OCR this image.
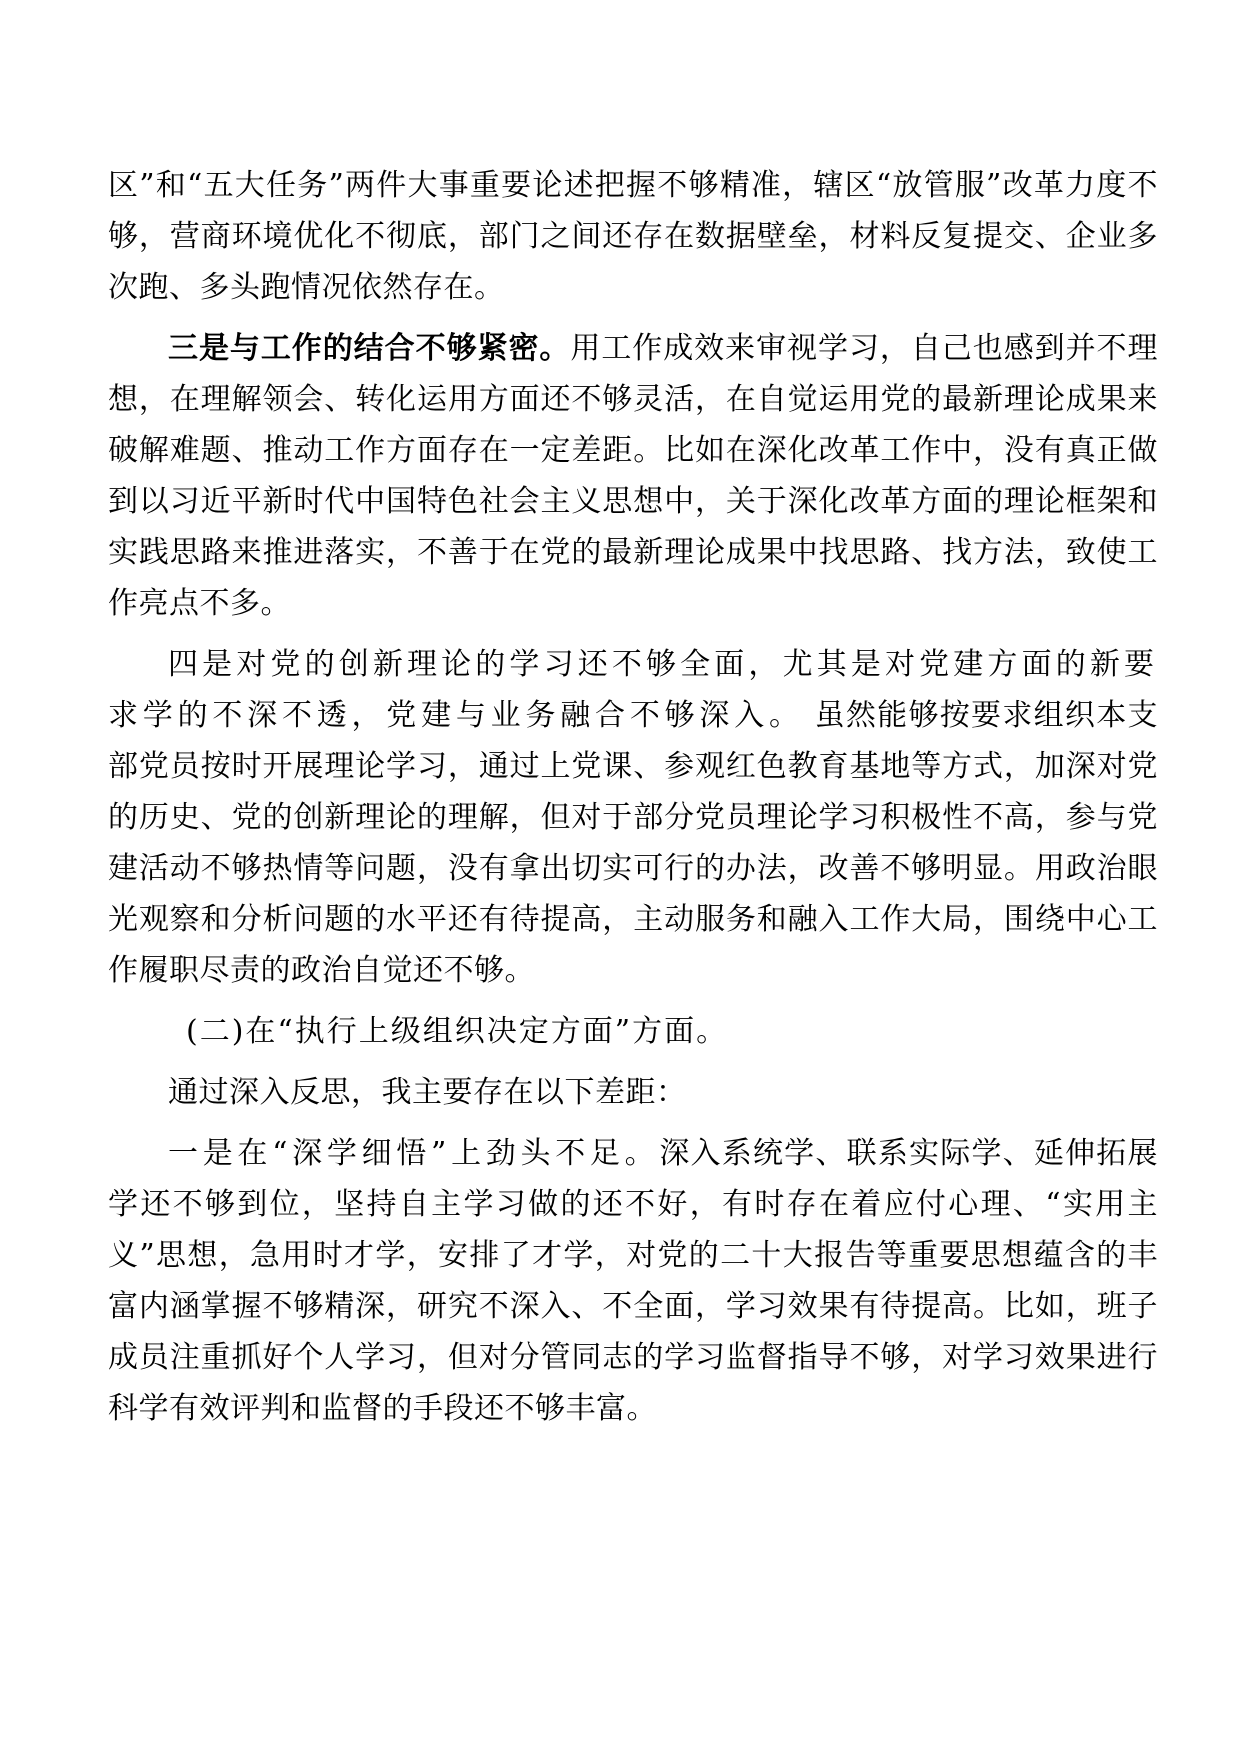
区”和“五大任务”两件大事重要论述把握不够精准，辖区“放管服”改革力度不够，营商环境优化不彻底，部门之间还存在数据壁垒，材料反复提交、企业多次跑、多头跑情况依然存在。

三是与工作的结合不够紧密。用工作成效来审视学习，自己也感到并不理想，在理解领会、转化运用方面还不够灵活，在自觉运用党的最新理论成果来破解难题、推动工作方面存在一定差距。比如在深化改革工作中，没有真正做到以习近平新时代中国特色社会主义思想中，关于深化改革方面的理论框架和实践思路来推进落实，不善于在党的最新理论成果中找思路、找方法，致使工作亮点不多。

四是对党的创新理论的学习还不够全面，尤其是对党建方面的新要求学的不深不透，党建与业务融合不够深入。 虽然能够按要求组织本支部党员按时开展理论学习，通过上党课、参观红色教育基地等方式，加深对党的历史、党的创新理论的理解，但对于部分党员理论学习积极性不高，参与党建活动不够热情等问题，没有拿出切实可行的办法，改善不够明显。用政治眼光观察和分析问题的水平还有待提高，主动服务和融入工作大局，围绕中心工作履职尽责的政治自觉还不够。

(二)在“执行上级组织决定方面”方面。

通过深入反思，我主要存在以下差距：

一是在“深学细悟”上劲头不足。深入系统学、联系实际学、延伸拓展学还不够到位，坚持自主学习做的还不好，有时存在着应付心理、“实用主义”思想，急用时才学，安排了才学，对党的二十大报告等重要思想蕴含的丰富内涵掌握不够精深，研究不深入、不全面，学习效果有待提高。比如，班子成员注重抓好个人学习，但对分管同志的学习监督指导不够，对学习效果进行科学有效评判和监督的手段还不够丰富。
